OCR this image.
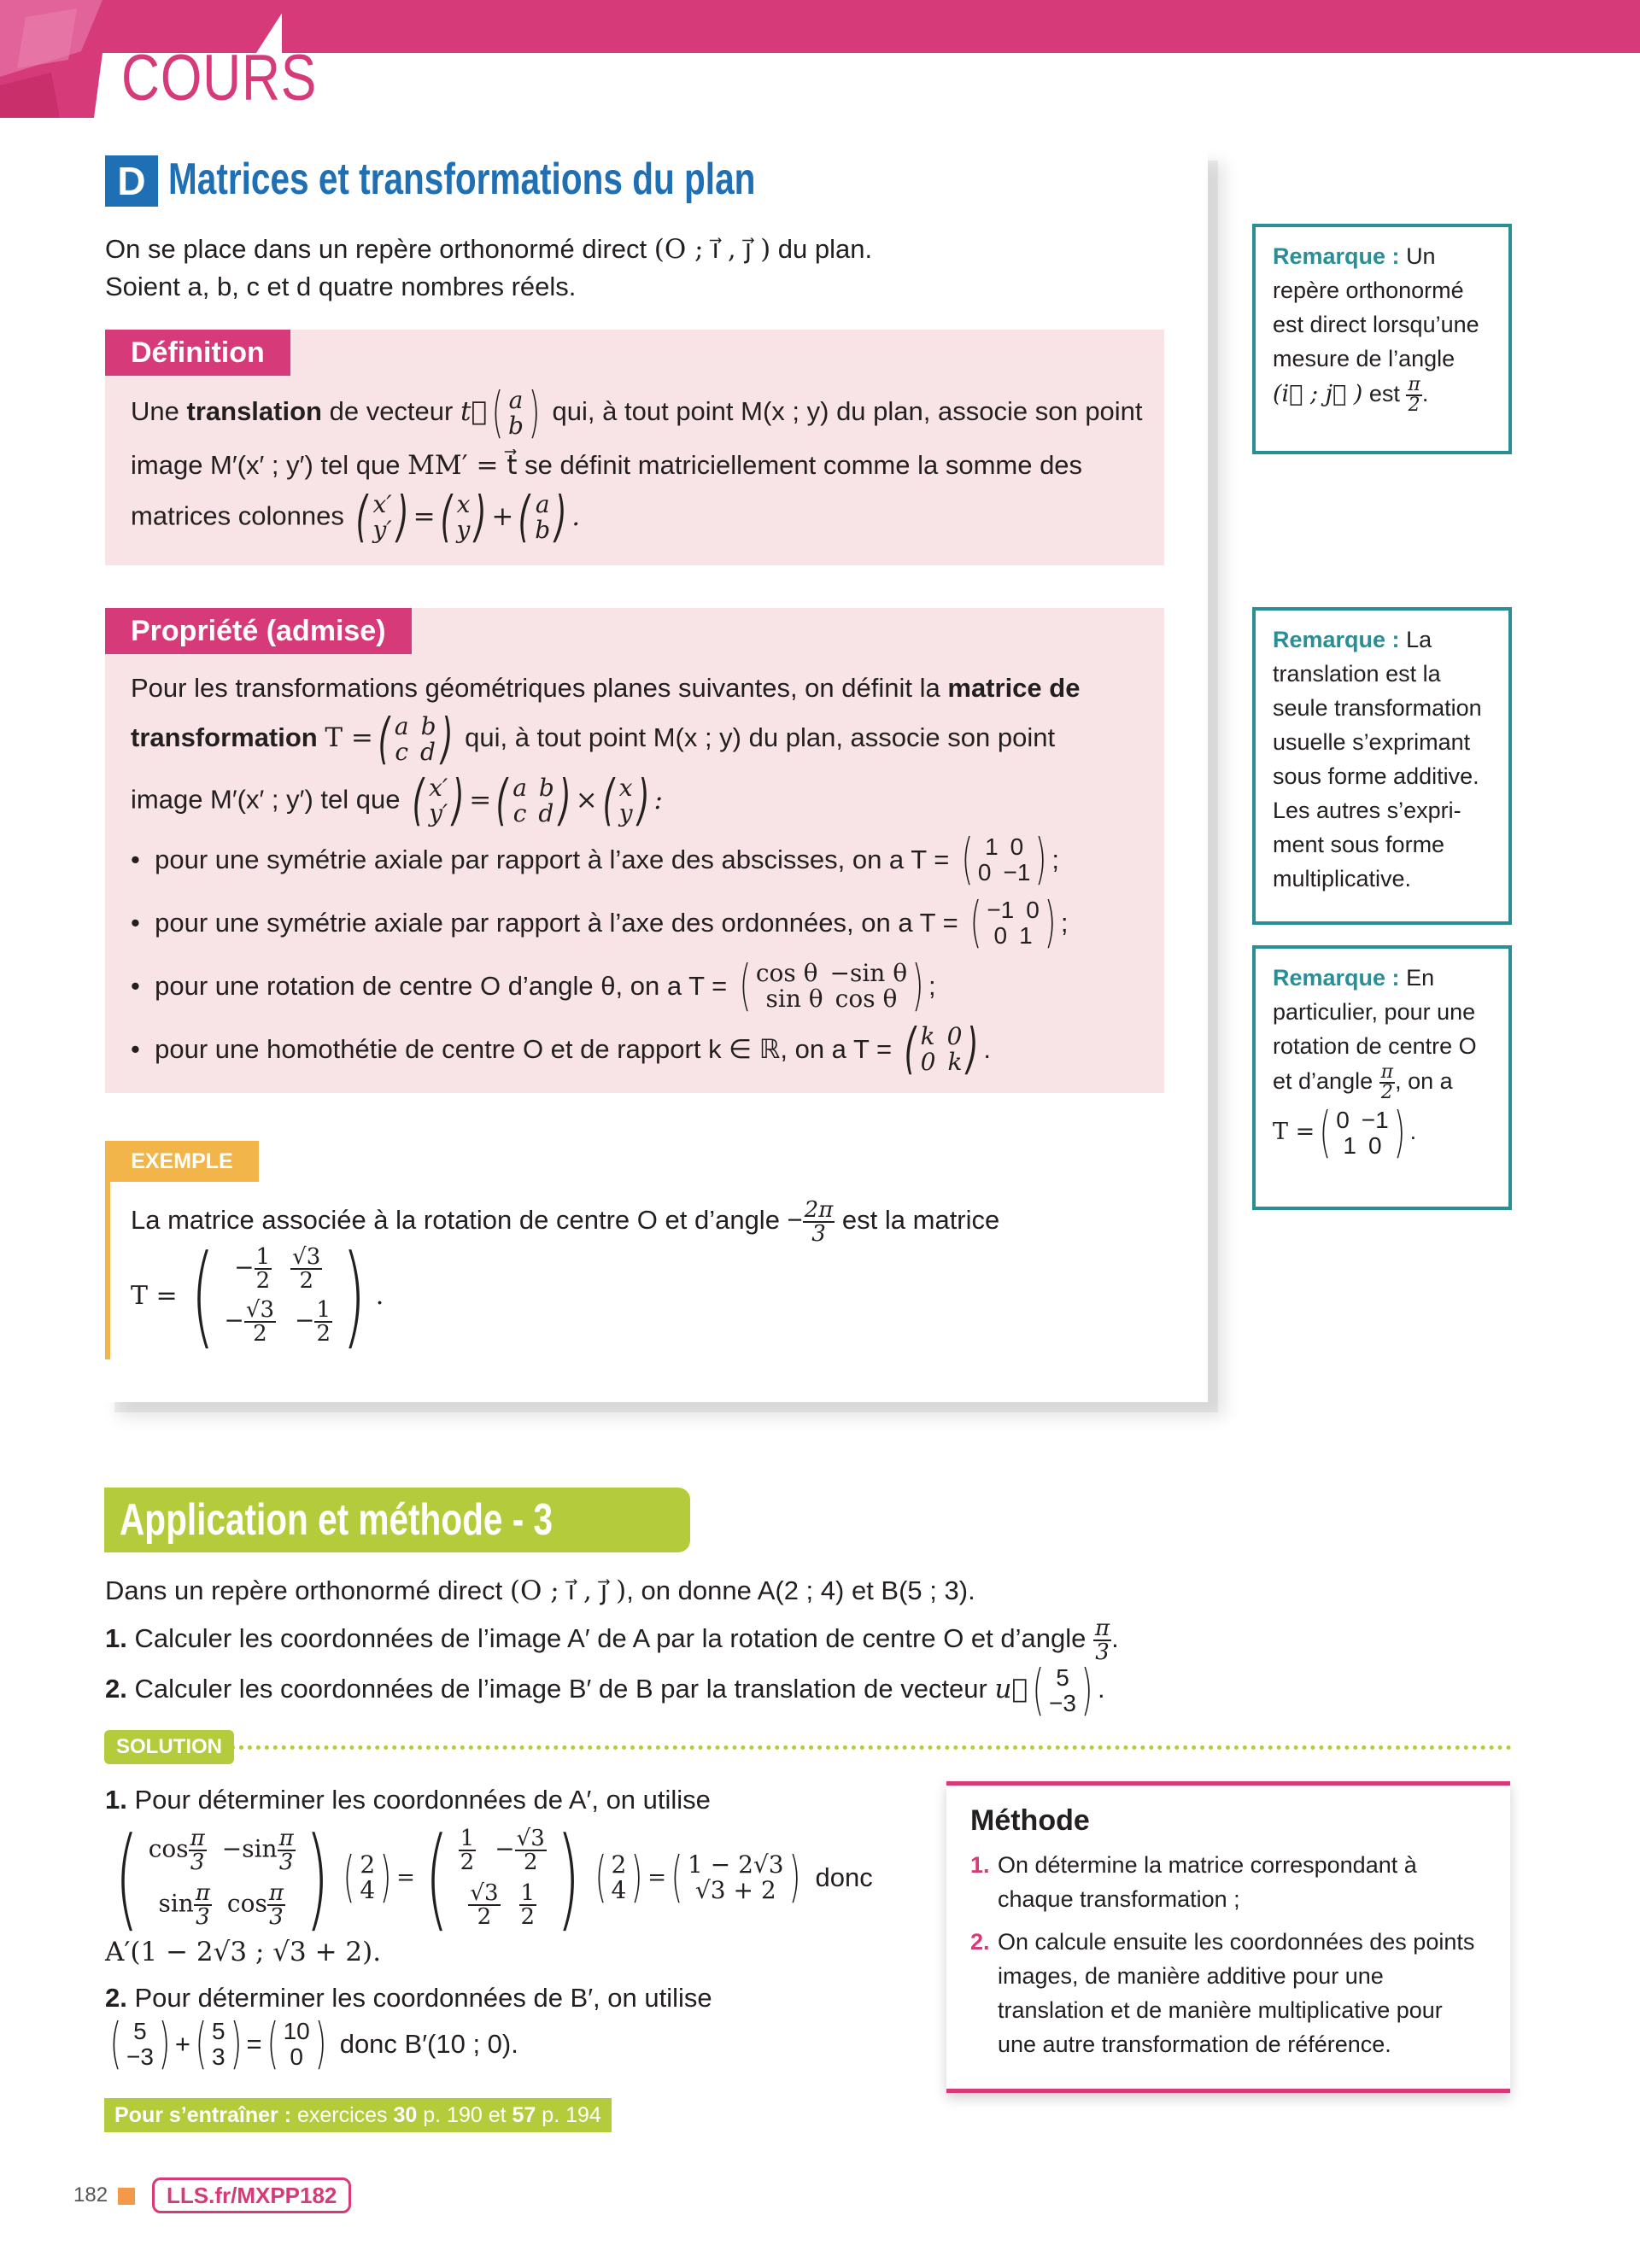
COURS
D Matrices et transformations du plan
On se place dans un repère orthonormé direct (O ; i⃗ , j⃗ ) du plan.
Soient a, b, c et d quatre nombres réels.
Définition
Une translation de vecteur t⃗ ( a
b ) qui, à tout point M(x ; y) du plan, associe son point
image M′(x′ ; y′) tel que MM′ = t⃗ se définit matriciellement comme la somme des
matrices colonnes ( x′
y′ ) = ( x
y ) + ( a
b ) .
Propriété (admise)
Pour les transformations géométriques planes suivantes, on définit la matrice de
transformation T = ( a b
c d ) qui, à tout point M(x ; y) du plan, associe son point
image M′(x′ ; y′) tel que ( x′
y′ ) = ( a b
c d ) × ( x
y ) :
• pour une symétrie axiale par rapport à l’axe des abscisses, on a T =
( 1 0
0 −1 ) ;
• pour une symétrie axiale par rapport à l’axe des ordonnées, on a T =
( −1 0
0 1 ) ;
• pour une rotation de centre O d’angle θ, on a T =
( cos θ −sin θ
sin θ cos θ ) ;
• pour une homothétie de centre O et de rapport k ∈ ℝ, on a T =
( k 0
0 k ) .
Remarque : Un repère orthonormé est direct lorsqu’une mesure de l’angle (i⃗ ; j⃗ ) est $\frac{\pi}{2}$ .
Remarque : La translation est la seule transformation usuelle s’exprimant sous forme additive. Les autres s’expriment sous forme multiplicative.
Remarque : En particulier, pour une rotation de centre O et d’angle $\frac{\pi}{2}$ , on a
T = ( 0 −1
1 0 ) .
EXEMPLE
La matrice associée à la rotation de centre O et d’angle − $\frac{2\pi}{3}$ est la matrice
T = ( − $\frac{1}{2} \frac{√3}{2}$
− $\frac{√3}{2} - \frac{1}{2}$ ) .
Application et méthode - 3
Dans un repère orthonormé direct (O ; i⃗ , j⃗ ), on donne A(2 ; 4) et B(5 ; 3).
1. Calculer les coordonnées de l’image A′ de A par la rotation de centre O et d’angle $\frac{\pi}{3}$ .
2. Calculer les coordonnées de l’image B′ de B par la translation de vecteur u⃗ ( 5
−3 ) .
SOLUTION
1. Pour déterminer les coordonnées de A′, on utilise
( $\cos \frac{\pi}{3} -\sin \frac{\pi}{3}$
$\sin \frac{\pi}{3}$ $\cos \frac{\pi}{3}$ ) ( 2
4 ) = ( $\frac{1}{2} - \frac{√3}{2}$
$\frac{√3}{2} \frac{1}{2}$ ) ( 2
4 ) = ( 1 − 2√3
√3 + 2 ) donc
A′(1 − 2√3 ; √3 + 2).
2. Pour déterminer les coordonnées de B′, on utilise
( 5
−3 ) + ( 5
3 ) = ( 10
0 ) donc B′(10 ; 0).
Méthode
1. On détermine la matrice correspondant à chaque transformation ;
2. On calcule ensuite les coordonnées des points images, de manière additive pour une translation et de manière multiplicative pour une autre transformation de référence.
Pour s’entraîner : exercices 30 p. 190 et 57 p. 194
182	LLS.fr/MXPP182
